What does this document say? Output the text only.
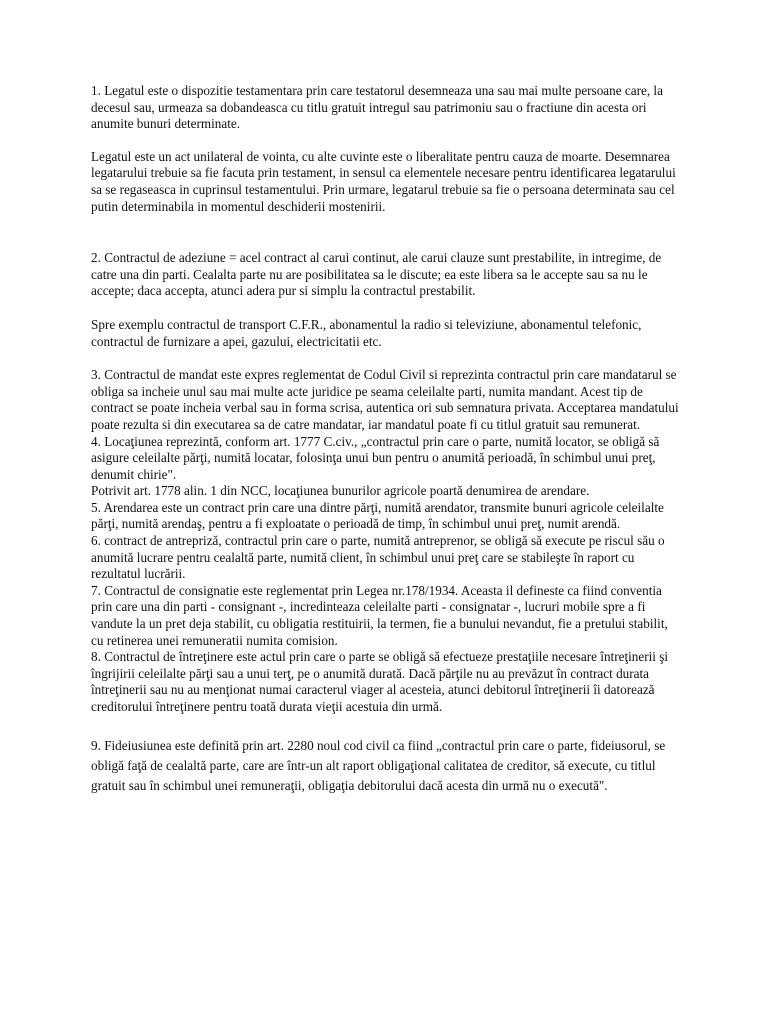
1. Legatul este o dispozitie testamentara prin care testatorul desemneaza una sau mai multe persoane care, la decesul sau, urmeaza sa dobandeasca cu titlu gratuit intregul sau patrimoniu sau o fractiune din acesta ori anumite bunuri determinate.

Legatul este un act unilateral de vointa, cu alte cuvinte este o liberalitate pentru cauza de moarte. Desemnarea legatarului trebuie sa fie facuta prin testament, in sensul ca elementele necesare pentru identificarea legatarului sa se regaseasca in cuprinsul testamentului. Prin urmare, legatarul trebuie sa fie o persoana determinata sau cel putin determinabila in momentul deschiderii mostenirii.

2. Contractul de adeziune = acel contract al carui continut, ale carui clauze sunt prestabilite, in intregime, de catre una din parti. Cealalta parte nu are posibilitatea sa le discute; ea este libera sa le accepte sau sa nu le accepte; daca accepta, atunci adera pur si simplu la contractul prestabilit.

Spre exemplu contractul de transport C.F.R., abonamentul la radio si televiziune, abonamentul telefonic, contractul de furnizare a apei, gazului, electricitatii etc.

3. Contractul de mandat este expres reglementat de Codul Civil si reprezinta contractul prin care mandatarul se obliga sa incheie unul sau mai multe acte juridice pe seama celeilalte parti, numita mandant. Acest tip de contract se poate incheia verbal sau in forma scrisa, autentica ori sub semnatura privata. Acceptarea mandatului poate rezulta si din executarea sa de catre mandatar, iar mandatul poate fi cu titlul gratuit sau remunerat.

4. Locaţiunea reprezintă, conform art. 1777 C.civ., „contractul prin care o parte, numită locator, se obligă să asigure celeilalte părţi, numită locatar, folosinţa unui bun pentru o anumită perioadă, în schimbul unui preţ, denumit chirie".

Potrivit art. 1778 alin. 1 din NCC, locaţiunea bunurilor agricole poartă denumirea de arendare.

5. Arendarea este un contract prin care una dintre părţi, numită arendator, transmite bunuri agricole celeilalte părţi, numită arendaş, pentru a fi exploatate o perioadă de timp, în schimbul unui preţ, numit arendă.

6. contract de antrepriză, contractul prin care o parte, numită antreprenor, se obligă să execute pe riscul său o anumită lucrare pentru cealaltă parte, numită client, în schimbul unui preţ care se stabileşte în raport cu rezultatul lucrării.

7. Contractul de consignatie este reglementat prin Legea nr.178/1934. Aceasta il defineste ca fiind conventia prin care una din parti - consignant -, incredinteaza celeilalte parti - consignatar -, lucruri mobile spre a fi vandute la un pret deja stabilit, cu obligatia restituirii, la termen, fie a bunului nevandut, fie a pretului stabilit, cu retinerea unei remuneratii numita comision.

8. Contractul de întreţinere este actul prin care o parte se obligă să efectueze prestaţiile necesare întreţinerii şi îngrijirii celeilalte părţi sau a unui terţ, pe o anumită durată. Dacă părţile nu au prevăzut în contract durata întreţinerii sau nu au menţionat numai caracterul viager al acesteia, atunci debitorul întreţinerii îi datorează creditorului întreţinere pentru toată durata vieţii acestuia din urmă.

9. Fideiusiunea este definită prin art. 2280 noul cod civil ca fiind „contractul prin care o parte, fideiusorul, se obligă faţă de cealaltă parte, care are într-un alt raport obligaţional calitatea de creditor, să execute, cu titlul gratuit sau în schimbul unei remuneraţii, obligaţia debitorului dacă acesta din urmă nu o execută".
